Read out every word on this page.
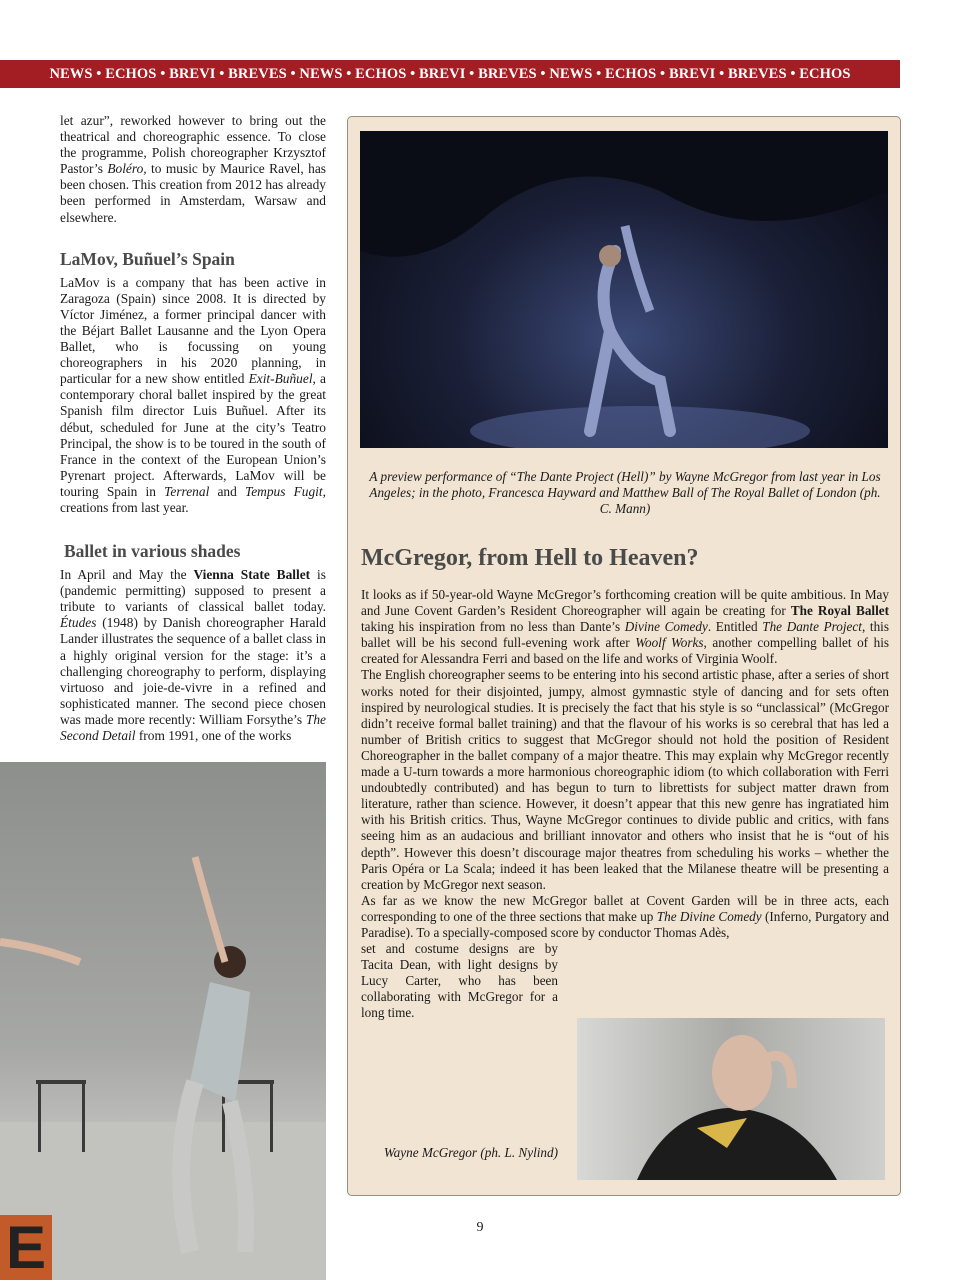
NEWS • ECHOS • BREVI • BREVES • NEWS • ECHOS • BREVI • BREVES • NEWS • ECHOS • BREVI • BREVES • ECHOS

let azur”, reworked however to bring out the theatrical and choreographic essence. To close the programme, Polish choreographer Krzysztof Pastor’s Boléro, to music by Maurice Ravel, has been chosen. This creation from 2012 has already been performed in Amsterdam, Warsaw and elsewhere.

LaMov, Buñuel’s Spain

LaMov is a company that has been active in Zaragoza (Spain) since 2008. It is directed by Víctor Jiménez, a former principal dancer with the Béjart Ballet Lausanne and the Lyon Opera Ballet, who is focussing on young choreographers in his 2020 planning, in particular for a new show entitled Exit-Buñuel, a contemporary choral ballet inspired by the great Spanish film director Luis Buñuel. After its début, scheduled for June at the city’s Teatro Principal, the show is to be toured in the south of France in the context of the European Union’s Pyrenart project. Afterwards, LaMov will be touring Spain in Terrenal and Tempus Fugit, creations from last year.

Ballet in various shades

In April and May the Vienna State Ballet is (pandemic permitting) supposed to present a tribute to variants of classical ballet today. Études (1948) by Danish choreographer Harald Lander illustrates the sequence of a ballet class in a highly original version for the stage: it’s a challenging choreography to perform, displaying virtuoso and joie-de-vivre in a refined and sophisticated manner. The second piece chosen was made more recently: William Forsythe’s The Second Detail from 1991, one of the works

E
A preview performance of “The Dante Project (Hell)” by Wayne McGregor from last year in Los Angeles; in the photo, Francesca Hayward and Matthew Ball of The Royal Ballet of London (ph. C. Mann)
McGregor, from Hell to Heaven?

It looks as if 50-year-old Wayne McGregor’s forthcoming creation will be quite ambitious. In May and June Covent Garden’s Resident Choreographer will again be creating for The Royal Ballet taking his inspiration from no less than Dante’s Divine Comedy. Entitled The Dante Project, this ballet will be his second full-evening work after Woolf Works, another compelling ballet of his created for Alessandra Ferri and based on the life and works of Virginia Woolf.

The English choreographer seems to be entering into his second artistic phase, after a series of short works noted for their disjointed, jumpy, almost gymnastic style of dancing and for sets often inspired by neurological studies. It is precisely the fact that his style is so “unclassical” (McGregor didn’t receive formal ballet training) and that the flavour of his works is so cerebral that has led a number of British critics to suggest that McGregor should not hold the position of Resident Choreographer in the ballet company of a major theatre. This may explain why McGregor recently made a U-turn towards a more harmonious choreographic idiom (to which collaboration with Ferri undoubtedly contributed) and has begun to turn to librettists for subject matter drawn from literature, rather than science. However, it doesn’t appear that this new genre has ingratiated him with his British critics. Thus, Wayne McGregor continues to divide public and critics, with fans seeing him as an audacious and brilliant innovator and others who insist that he is “out of his depth”. However this doesn’t discourage major theatres from scheduling his works – whether the Paris Opéra or La Scala; indeed it has been leaked that the Milanese theatre will be presenting a creation by McGregor next season.

As far as we know the new McGregor ballet at Covent Garden will be in three acts, each corresponding to one of the three sections that make up The Divine Comedy (Inferno, Purgatory and Paradise). To a specially-composed score by conductor Thomas Adès,

set and costume designs are by Tacita Dean, with light designs by Lucy Carter, who has been collaborating with McGregor for a long time.

Wayne McGregor (ph. L. Nylind)
9
